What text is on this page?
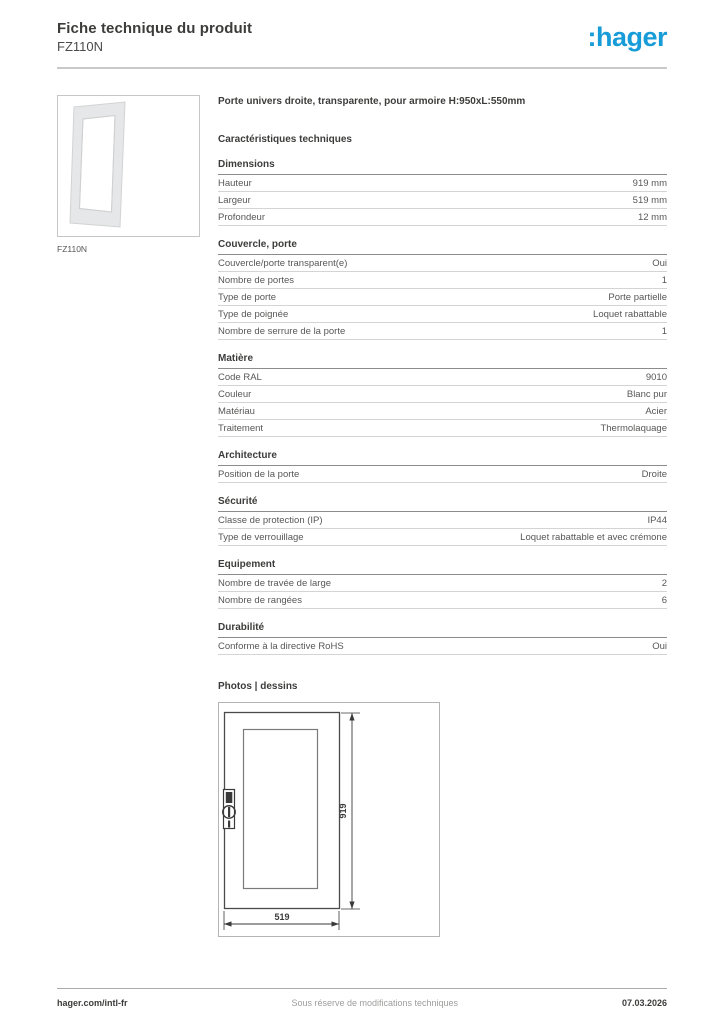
Fiche technique du produit
FZ110N	:hager
FZ110N
Porte univers droite, transparente, pour armoire H:950xL:550mm
Caractéristiques techniques
Dimensions
Hauteur	919 mm
Largeur	519 mm
Profondeur	12 mm
Couvercle, porte
Couvercle/porte transparent(e)	Oui
Nombre de portes	1
Type de porte	Porte partielle
Type de poignée	Loquet rabattable
Nombre de serrure de la porte	1
Matière
Code RAL	9010
Couleur	Blanc pur
Matériau	Acier
Traitement	Thermolaquage
Architecture
Position de la porte	Droite
Sécurité
Classe de protection (IP)	IP44
Type de verrouillage	Loquet rabattable et avec crémone
Equipement
Nombre de travée de large	2
Nombre de rangées	6
Durabilité
Conforme à la directive RoHS	Oui
Photos | dessins
919
519
hager.com/intl-fr	Sous réserve de modifications techniques	07.03.2026
